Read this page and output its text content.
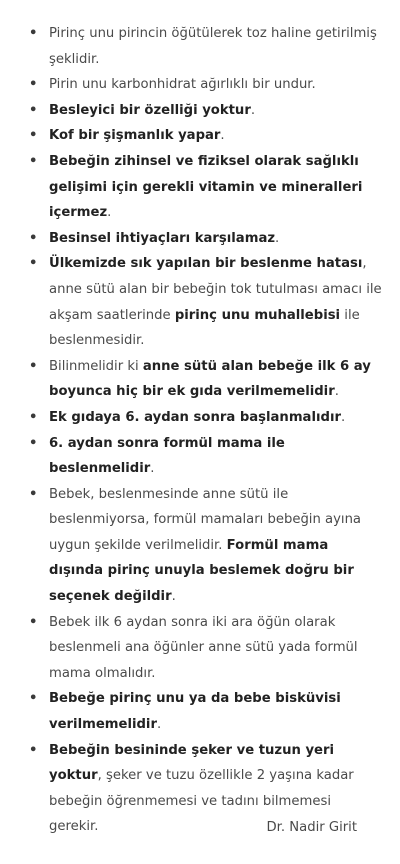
• Pirinç unu pirincin öğütülerek toz haline getirilmiş şeklidir.

• Pirin unu karbonhidrat ağırlıklı bir undur.

• Besleyici bir özelliği yoktur.

• Kof bir şişmanlık yapar.

• Bebeğin zihinsel ve fiziksel olarak sağlıklı gelişimi için gerekli vitamin ve mineralleri içermez.

• Besinsel ihtiyaçları karşılamaz.

• Ülkemizde sık yapılan bir beslenme hatası, anne sütü alan bir bebeğin tok tutulması amacı ile akşam saatlerinde pirinç unu muhallebisi ile beslenmesidir.

• Bilinmelidir ki anne sütü alan bebeğe ilk 6 ay boyunca hiç bir ek gıda verilmemelidir.

• Ek gıdaya 6. aydan sonra başlanmalıdır.

• 6. aydan sonra formül mama ile beslenmelidir.

• Bebek, beslenmesinde anne sütü ile beslenmiyorsa, formül mamaları bebeğin ayına uygun şekilde verilmelidir. Formül mama dışında pirinç unuyla beslemek doğru bir seçenek değildir.

• Bebek ilk 6 aydan sonra iki ara öğün olarak beslenmeli ana öğünler anne sütü yada formül mama olmalıdır.

• Bebeğe pirinç unu ya da bebe bisküvisi verilmemelidir.

• Bebeğin besininde şeker ve tuzun yeri yoktur, şeker ve tuzu özellikle 2 yaşına kadar bebeğin öğrenmemesi ve tadını bilmemesi gerekir.	Dr. Nadir Girit
